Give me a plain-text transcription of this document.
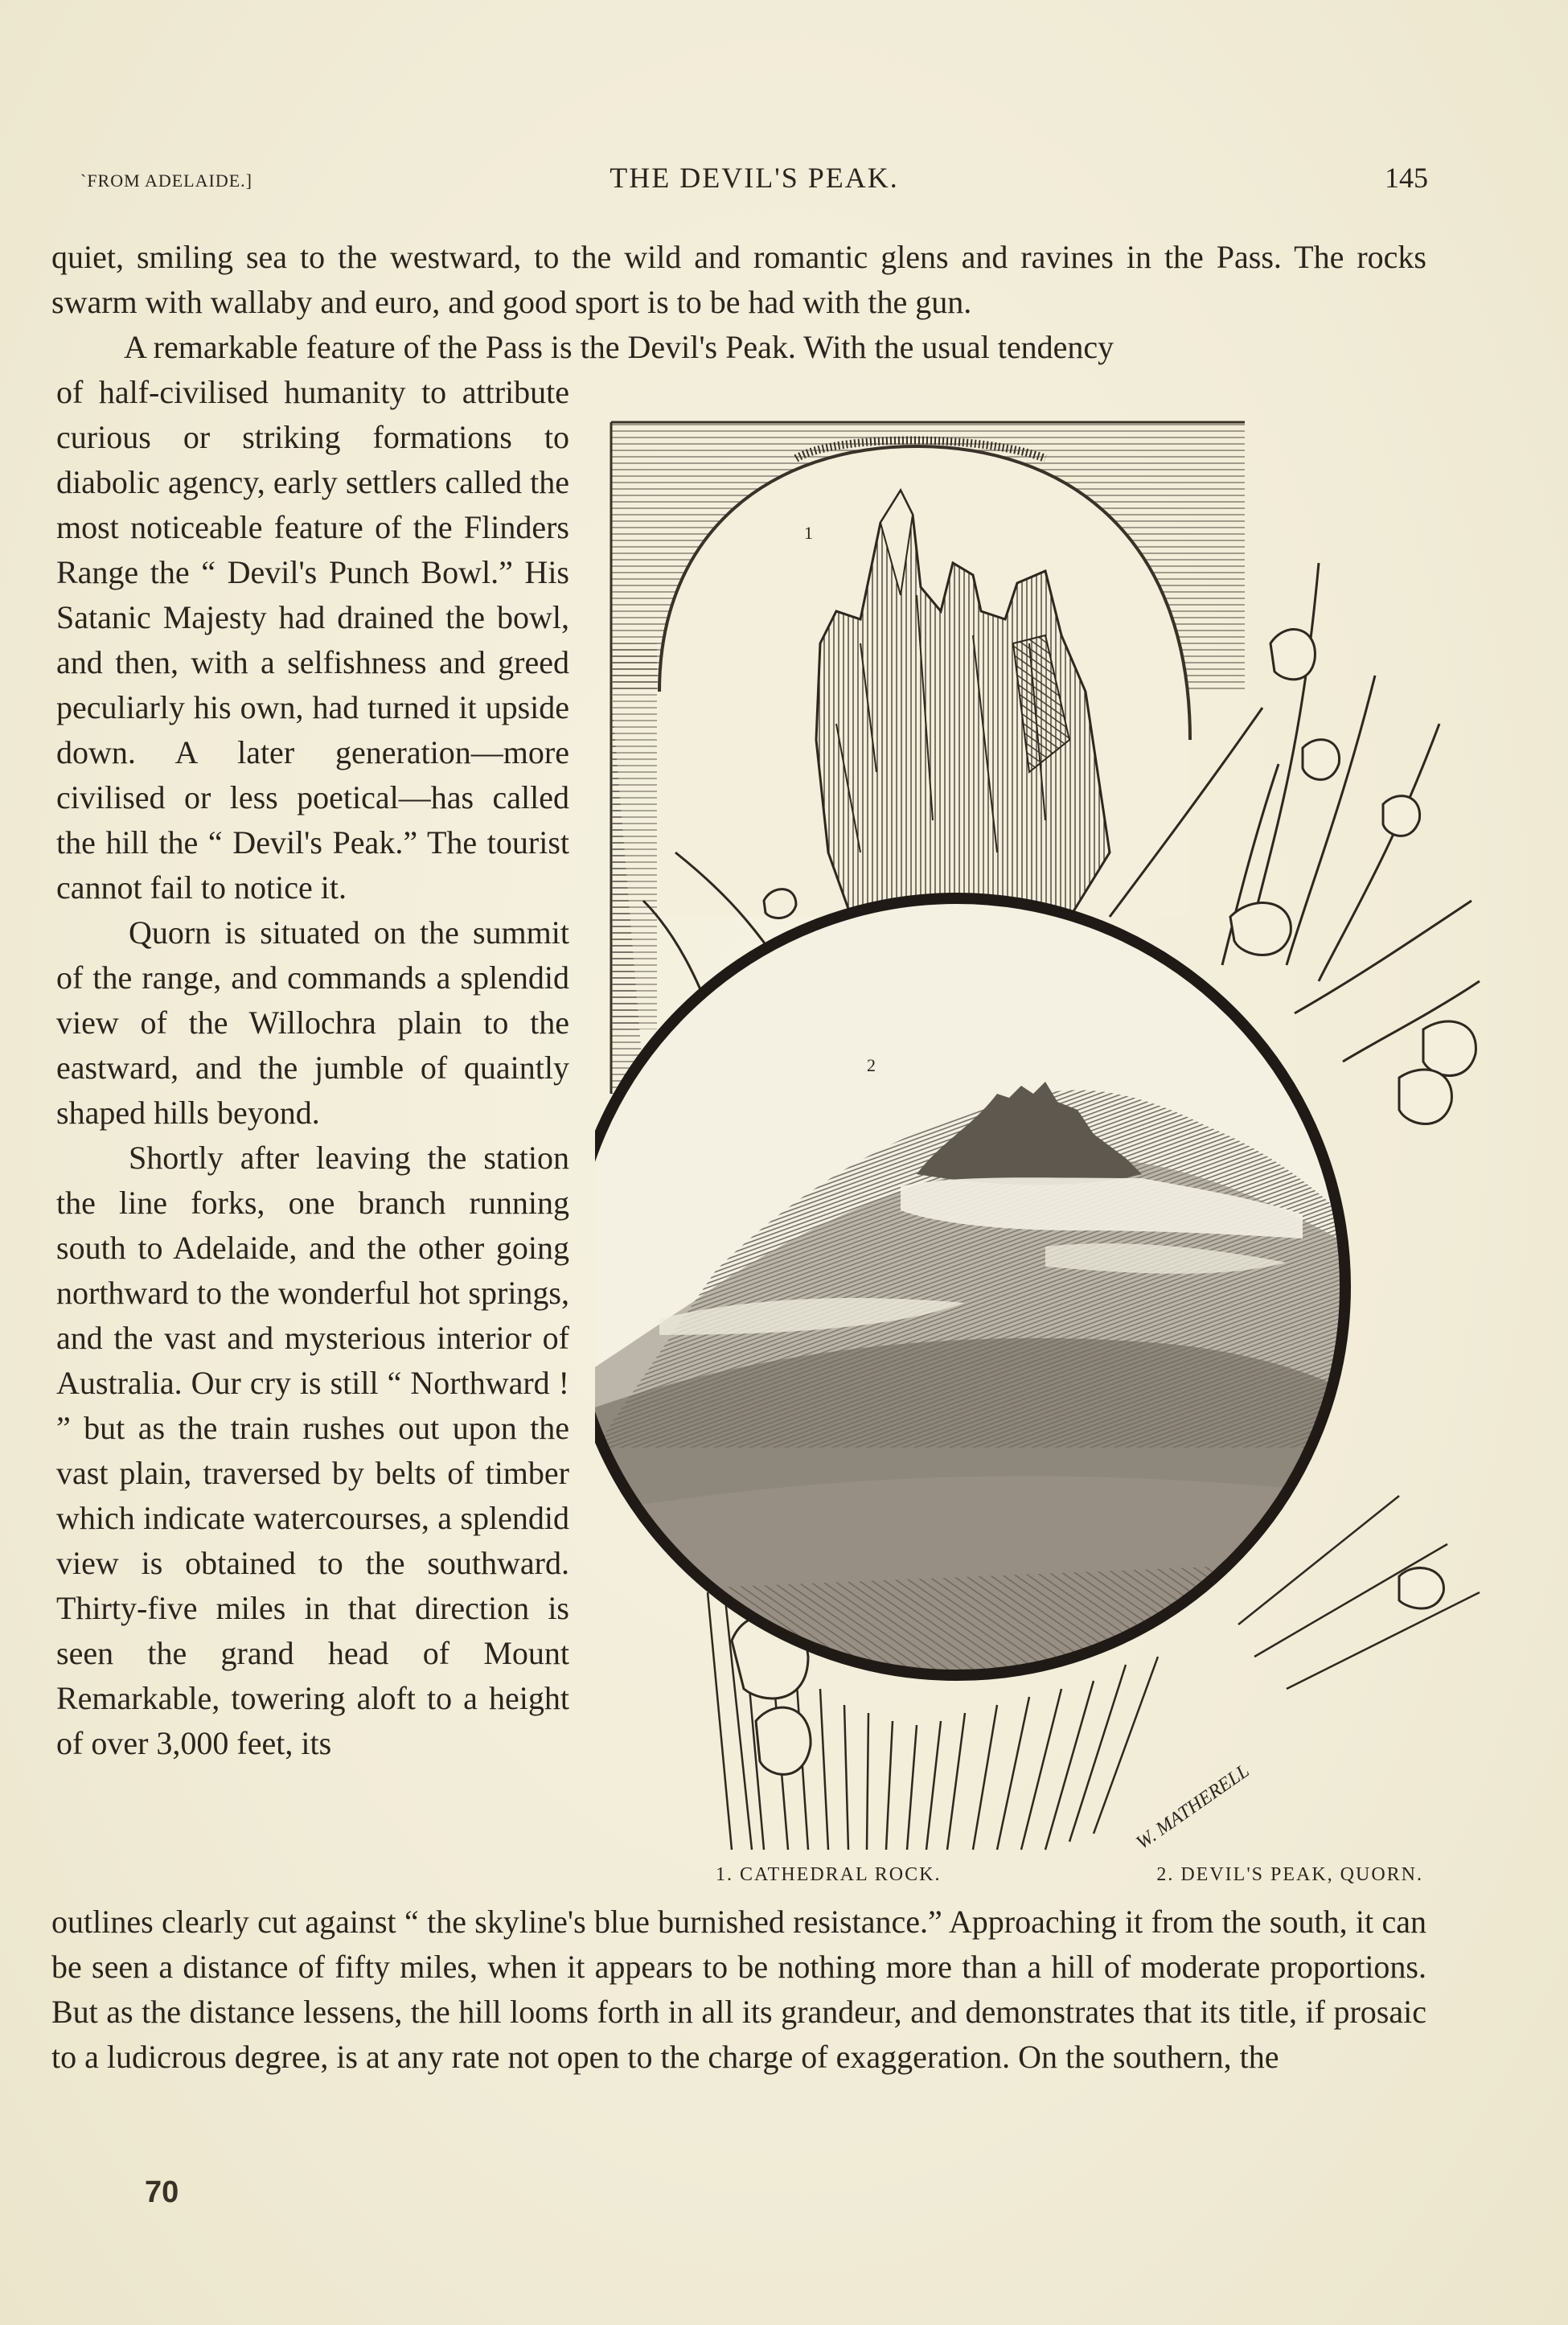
`FROM ADELAIDE.]	THE DEVIL'S PEAK.	145

quiet, smiling sea to the westward, to the wild and romantic glens and ravines in the Pass. The rocks swarm with wallaby and euro, and good sport is to be had with the gun.

A remarkable feature of the Pass is the Devil's Peak. With the usual tendency

of half-civilised humanity to attribute curious or striking formations to diabolic agency, early settlers called the most noticeable feature of the Flinders Range the “ Devil's Punch Bowl.” His Satanic Majesty had drained the bowl, and then, with a selfishness and greed peculiarly his own, had turned it upside down. A later generation—more civilised or less poetical—has called the hill the “ Devil's Peak.” The tourist cannot fail to notice it.

Quorn is situated on the summit of the range, and commands a splendid view of the Willochra plain to the eastward, and the jumble of quaintly shaped hills beyond.

Shortly after leaving the station the line forks, one branch running south to Adelaide, and the other going northward to the wonderful hot springs, and the vast and mysterious interior of Australia. Our cry is still “ Northward ! ” but as the train rushes out upon the vast plain, traversed by belts of timber which indicate watercourses, a splendid view is obtained to the southward. Thirty-five miles in that direction is seen the grand head of Mount Remarkable, towering aloft to a height of over 3,000 feet, its

1
2
W. MATHERELL
1. CATHEDRAL ROCK.	2. DEVIL'S PEAK, QUORN.

outlines clearly cut against “ the skyline's blue burnished resistance.” Approaching it from the south, it can be seen a distance of fifty miles, when it appears to be nothing more than a hill of moderate proportions. But as the distance lessens, the hill looms forth in all its grandeur, and demonstrates that its title, if prosaic to a ludicrous degree, is at any rate not open to the charge of exaggeration. On the southern, the

70
